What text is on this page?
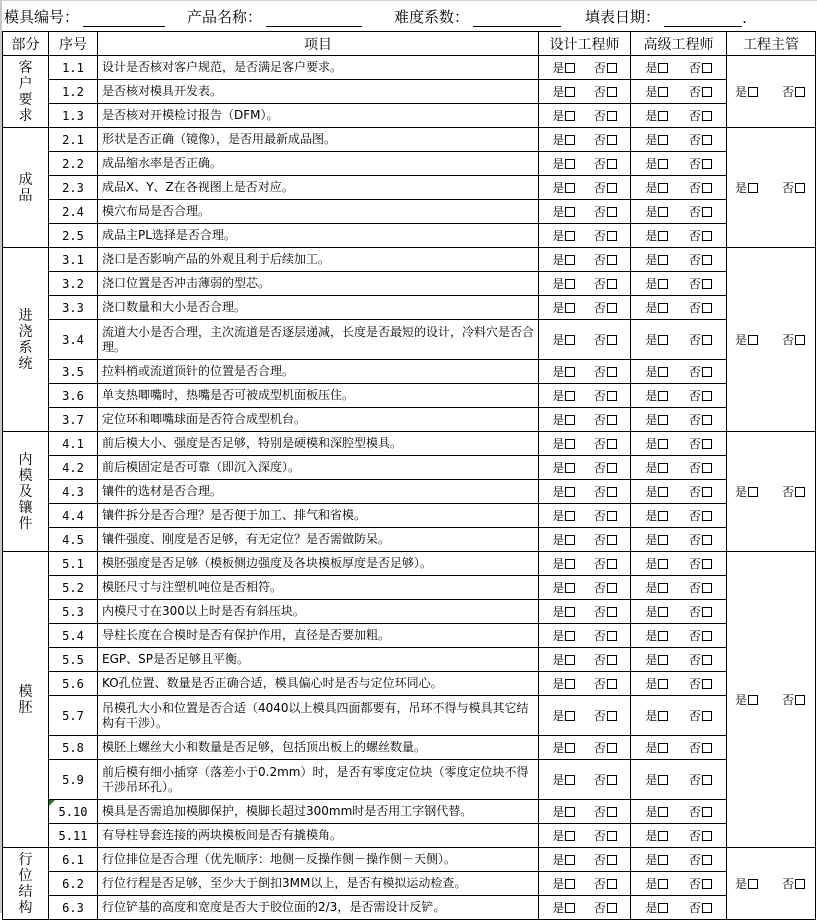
模具编号：	产品名称：	难度系数：	填表日期：	.
部分	序号	项目	设计工程师	高级工程师	工程主管
客户要求	1.1	设计是否核对客户规范，是否满足客户要求。	是 否	是 否	是 否

	1.2	是否核对模具开发表。	是 否	是 否	

	1.3	是否核对开模检讨报告（DFM）。	是 否	是 否	

成品	2.1	形状是否正确（镜像），是否用最新成品图。	是 否	是 否	是 否

	2.2	成品缩水率是否正确。	是 否	是 否	

	2.3	成品X、Y、Z在各视图上是否对应。	是 否	是 否	

	2.4	模穴布局是否合理。	是 否	是 否	

	2.5	成品主PL选择是否合理。	是 否	是 否	

进浇系统	3.1	浇口是否影响产品的外观且利于后续加工。	是 否	是 否	是 否

	3.2	浇口位置是否冲击薄弱的型芯。	是 否	是 否	

	3.3	浇口数量和大小是否合理。	是 否	是 否	

	3.4	流道大小是否合理，主次流道是否逐层递减，长度是否最短的设计，冷料穴是否合理。	是 否	是 否	

	3.5	拉料梢或流道顶针的位置是否合理。	是 否	是 否	

	3.6	单支热唧嘴时，热嘴是否可被成型机面板压住。	是 否	是 否	

	3.7	定位环和唧嘴球面是否符合成型机台。	是 否	是 否	

内模及镶件	4.1	前后模大小、强度是否足够，特别是硬模和深腔型模具。	是 否	是 否	是 否

	4.2	前后模固定是否可靠（即沉入深度）。	是 否	是 否	

	4.3	镶件的选材是否合理。	是 否	是 否	

	4.4	镶件拆分是否合理？是否便于加工、排气和省模。	是 否	是 否	

	4.5	镶件强度、刚度是否足够，有无定位？是否需做防呆。	是 否	是 否	

模胚	5.1	模胚强度是否足够（模板侧边强度及各块模板厚度是否足够）。	是 否	是 否	是 否

	5.2	模胚尺寸与注塑机吨位是否相符。	是 否	是 否	

	5.3	内模尺寸在300以上时是否有斜压块。	是 否	是 否	

	5.4	导柱长度在合模时是否有保护作用，直径是否要加粗。	是 否	是 否	

	5.5	EGP、SP是否足够且平衡。	是 否	是 否	

	5.6	KO孔位置、数量是否正确合适，模具偏心时是否与定位环同心。	是 否	是 否	

	5.7	吊模孔大小和位置是否合适（4040以上模具四面都要有，吊环不得与模具其它结构有干涉）。	是 否	是 否	

	5.8	模胚上螺丝大小和数量是否足够，包括顶出板上的螺丝数量。	是 否	是 否	

	5.9	前后模有细小插穿（落差小于0.2mm）时，是否有零度定位块（零度定位块不得干涉吊环孔）。	是 否	是 否	

	5.10	模具是否需追加模脚保护，模脚长超过300mm时是否用工字钢代替。	是 否	是 否	

	5.11	有导柱导套连接的两块模板间是否有撬模角。	是 否	是 否	

行位结构	6.1	行位排位是否合理（优先顺序：地侧－反操作侧－操作侧－天侧）。	是 否	是 否	是 否

	6.2	行位行程是否足够，至少大于倒扣3MM以上，是否有模拟运动检查。	是 否	是 否	

	6.3	行位铲基的高度和宽度是否大于胶位面的2/3，是否需设计反铲。	是 否	是 否	
